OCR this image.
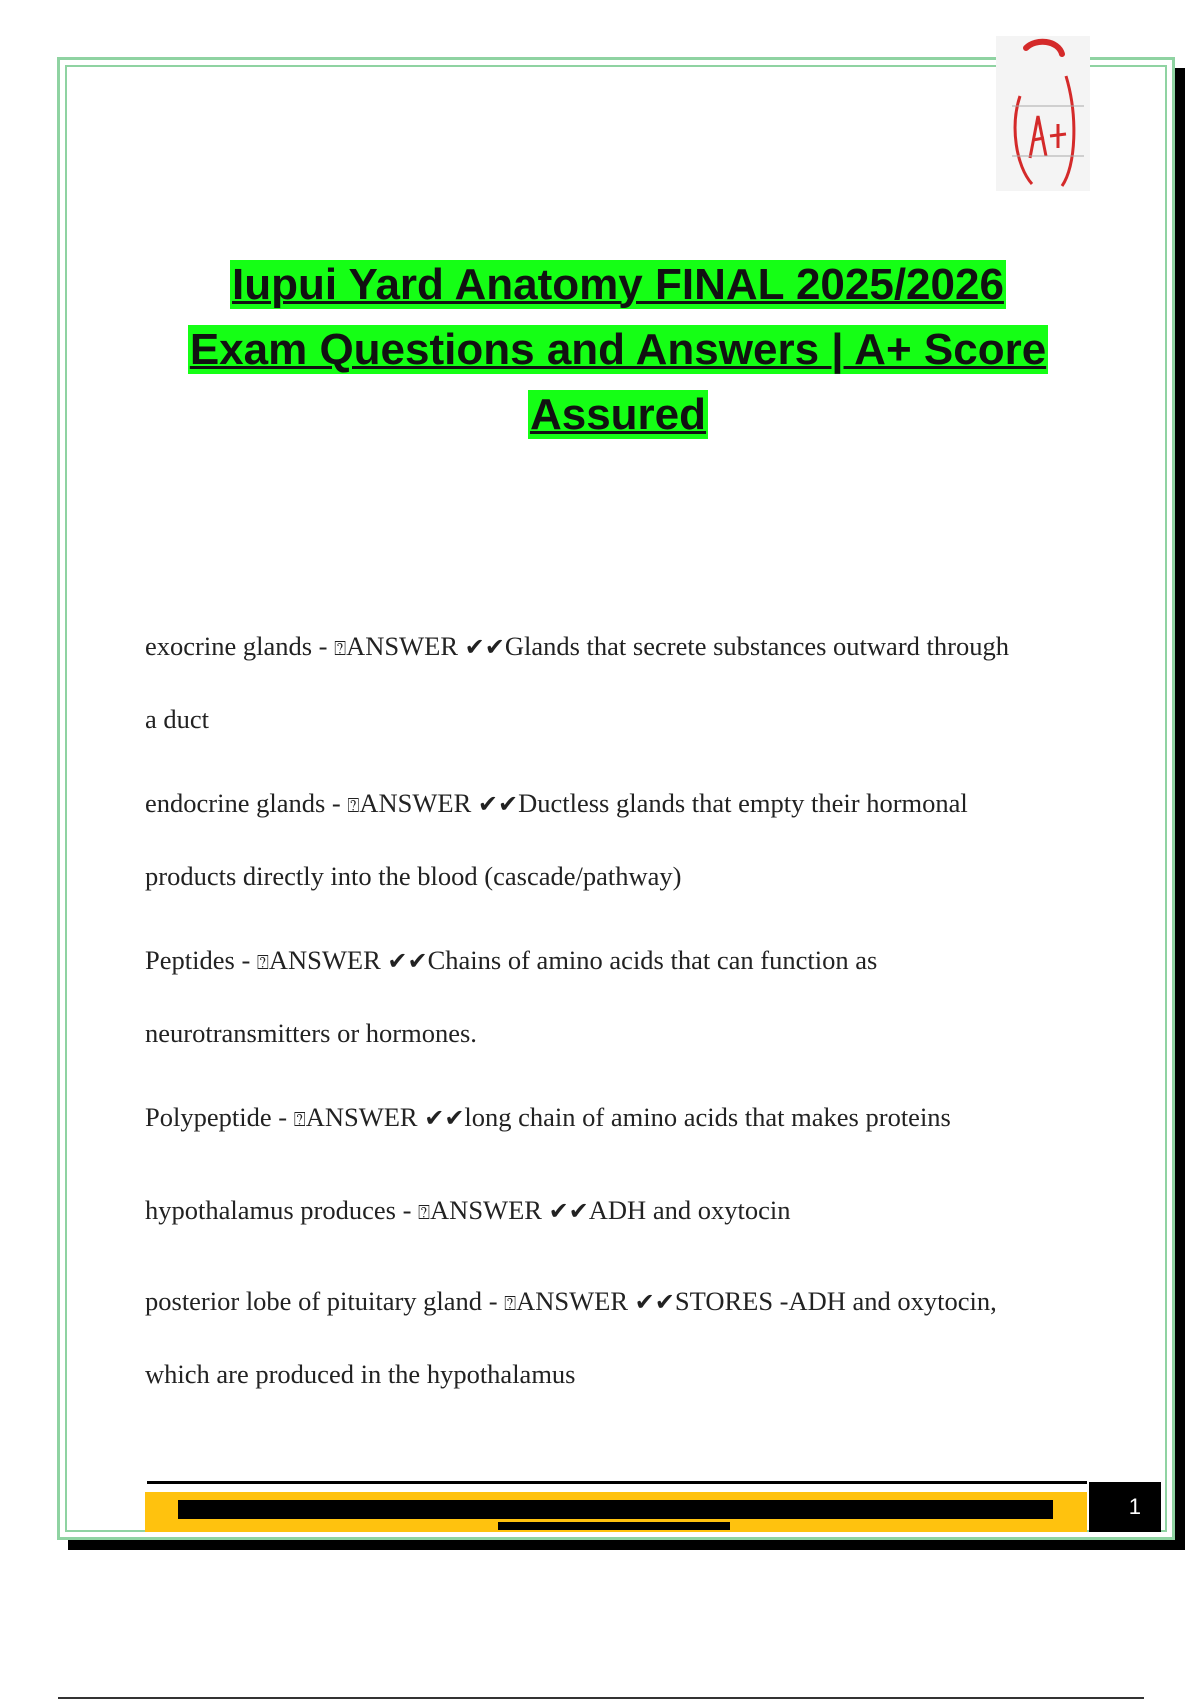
Iupui Yard Anatomy FINAL 2025/2026
Exam Questions and Answers | A+ Score
Assured
exocrine glands - ⍰ANSWER ✔✔Glands that secrete substances outward through
a duct
endocrine glands - ⍰ANSWER ✔✔Ductless glands that empty their hormonal
products directly into the blood (cascade/pathway)
Peptides - ⍰ANSWER ✔✔Chains of amino acids that can function as
neurotransmitters or hormones.
Polypeptide - ⍰ANSWER ✔✔long chain of amino acids that makes proteins
hypothalamus produces - ⍰ANSWER ✔✔ADH and oxytocin
posterior lobe of pituitary gland - ⍰ANSWER ✔✔STORES -ADH and oxytocin,
which are produced in the hypothalamus
1
